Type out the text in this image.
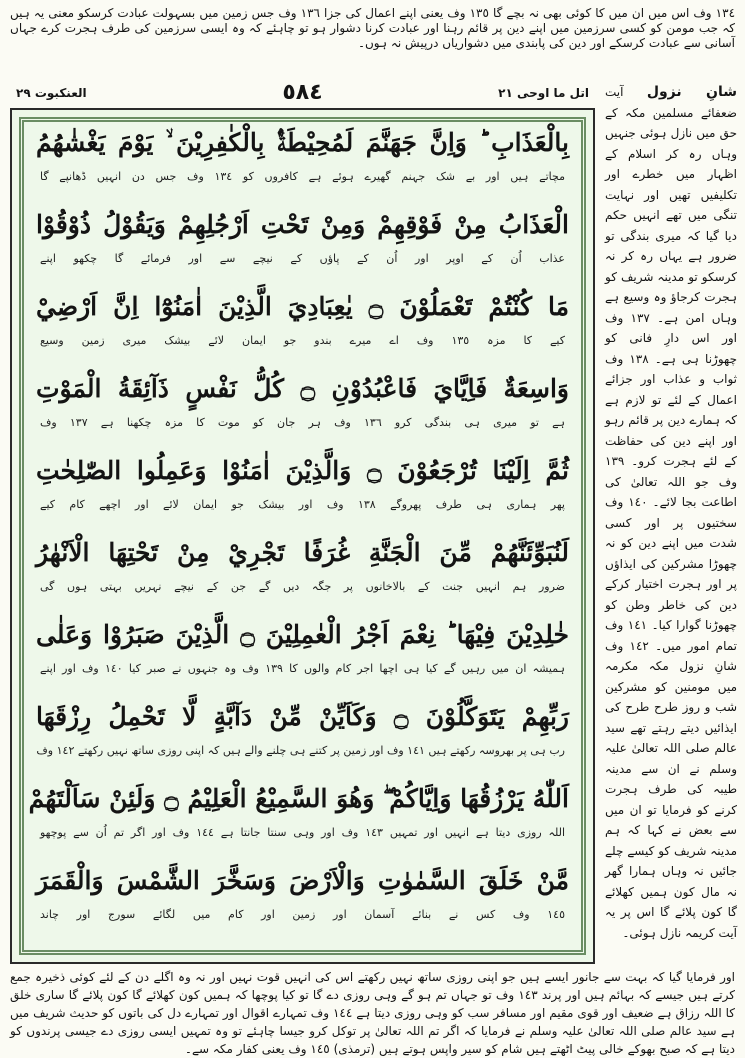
١٣٤ وف اس میں ان میں کا کوئی بھی نہ بچے گا ١٣٥ وف یعنی اپنے اعمال کی جزا ١٣٦ وف جس زمین میں بسہولت عبادت کرسکو معنی یہ ہیں کہ جب مومن کو کسی سرزمین میں اپنے دین پر قائم رہنا اور عبادت کرنا دشوار ہو تو چاہئے کہ وہ ایسی سرزمین کی طرف ہجرت کرے جہاں آسانی سے عبادت کرسکے اور دین کی پابندی میں دشواریاں درپیش نہ ہوں۔
اتل ما اوحی ٢١
٥٨٤
العنکبوت ٢٩
بِالْعَذَابِ ؕ وَاِنَّ جَهَنَّمَ لَمُحِيْطَةٌۢ بِالْكٰفِرِيْنَ ۙ يَوْمَ يَغْشٰهُمُ
مچاتے ہیں اور بے شک جہنم گھیرے ہوئے ہے کافروں کو ١٣٤ وف جس دن انہیں ڈھانپے گا
الْعَذَابُ مِنْ فَوْقِهِمْ وَمِنْ تَحْتِ اَرْجُلِهِمْ وَيَقُوْلُ ذُوْقُوْا
عذاب اُن کے اوپر اور اُن کے پاؤں کے نیچے سے اور فرمائے گا چکھو اپنے
مَا كُنْتُمْ تَعْمَلُوْنَ ۝ يٰعِبَادِيَ الَّذِيْنَ اٰمَنُوْٓا اِنَّ اَرْضِيْ
کیے کا مزہ ١٣٥ وف اے میرے بندو جو ایمان لائے بیشک میری زمین وسیع
وَاسِعَةٌ فَاِيَّايَ فَاعْبُدُوْنِ ۝ كُلُّ نَفْسٍ ذَآئِقَةُ الْمَوْتِ
ہے تو میری ہی بندگی کرو ١٣٦ وف ہر جان کو موت کا مزہ چکھنا ہے ١٣٧ وف
ثُمَّ اِلَيْنَا تُرْجَعُوْنَ ۝ وَالَّذِيْنَ اٰمَنُوْا وَعَمِلُوا الصّٰلِحٰتِ
پھر ہماری ہی طرف پھروگے ١٣٨ وف اور بیشک جو ایمان لائے اور اچھے کام کیے
لَنُبَوِّئَنَّهُمْ مِّنَ الْجَنَّةِ غُرَفًا تَجْرِيْ مِنْ تَحْتِهَا الْاَنْهٰرُ
ضرور ہم انہیں جنت کے بالاخانوں پر جگہ دیں گے جن کے نیچے نہریں بہتی ہوں گی
خٰلِدِيْنَ فِيْهَا ؕ نِعْمَ اَجْرُ الْعٰمِلِيْنَ ۝ الَّذِيْنَ صَبَرُوْا وَعَلٰى
ہمیشہ ان میں رہیں گے کیا ہی اچھا اجر کام والوں کا ١٣٩ وف وہ جنہوں نے صبر کیا ١٤٠ وف اور اپنے
رَبِّهِمْ يَتَوَكَّلُوْنَ ۝ وَكَاَيِّنْ مِّنْ دَآبَّةٍ لَّا تَحْمِلُ رِزْقَهَا
رب ہی پر بھروسہ رکھتے ہیں ١٤١ وف اور زمین پر کتنے ہی چلنے والے ہیں کہ اپنی روزی ساتھ نہیں رکھتے ١٤٢ وف
اَللّٰهُ يَرْزُقُهَا وَاِيَّاكُمْ ۖ وَهُوَ السَّمِيْعُ الْعَلِيْمُ ۝ وَلَئِنْ سَاَلْتَهُمْ
اللہ روزی دیتا ہے انہیں اور تمہیں ١٤٣ وف اور وہی سنتا جانتا ہے ١٤٤ وف اور اگر تم اُن سے پوچھو
مَّنْ خَلَقَ السَّمٰوٰتِ وَالْاَرْضَ وَسَخَّرَ الشَّمْسَ وَالْقَمَرَ
١٤٥ وف کس نے بنائے آسمان اور زمین اور کام میں لگائے سورج اور چاند
شانِ نزول آیت ضعفائے مسلمین مکہ کے حق میں نازل ہوئی جنہیں وہاں رہ کر اسلام کے اظہار میں خطرے اور تکلیفیں تھیں اور نہایت تنگی میں تھے انہیں حکم دیا گیا کہ میری بندگی تو ضرور ہے یہاں رہ کر نہ کرسکو تو مدینہ شریف کو ہجرت کرجاؤ وہ وسیع ہے وہاں امن ہے۔ ١٣٧ وف اور اس دارِ فانی کو چھوڑنا ہی ہے۔ ١٣٨ وف ثواب و عذاب اور جزائے اعمال کے لئے تو لازم ہے کہ ہمارے دین پر قائم رہو اور اپنے دین کی حفاظت کے لئے ہجرت کرو۔ ١٣٩ وف جو اللہ تعالیٰ کی اطاعت بجا لائے۔ ١٤٠ وف سختیوں پر اور کسی شدت میں اپنے دین کو نہ چھوڑا مشرکین کی ایذاؤں پر اور ہجرت اختیار کرکے دین کی خاطر وطن کو چھوڑنا گوارا کیا۔ ١٤١ وف تمام امور میں۔ ١٤٢ وف شانِ نزول مکہ مکرمہ میں مومنین کو مشرکین شب و روز طرح طرح کی ایذائیں دیتے رہتے تھے سید عالم صلی اللہ تعالیٰ علیہ وسلم نے ان سے مدینہ طیبہ کی طرف ہجرت کرنے کو فرمایا تو ان میں سے بعض نے کہا کہ ہم مدینہ شریف کو کیسے چلے جائیں نہ وہاں ہمارا گھر نہ مال کون ہمیں کھلائے گا کون پلائے گا اس پر یہ آیت کریمہ نازل ہوئی۔
اور فرمایا گیا کہ بہت سے جانور ایسے ہیں جو اپنی روزی ساتھ نہیں رکھتے اس کی انہیں قوت نہیں اور نہ وہ اگلے دن کے لئے کوئی ذخیرہ جمع کرتے ہیں جیسے کہ بہائم ہیں اور پرند ١٤٣ وف تو جہاں تم ہو گے وہی روزی دے گا تو کیا پوچھا کہ ہمیں کون کھلائے گا کون پلائے گا ساری خلق کا اللہ رزاق ہے ضعیف اور قوی مقیم اور مسافر سب کو وہی روزی دیتا ہے ١٤٤ وف تمہارے اقوال اور تمہارے دل کی باتوں کو حدیث شریف میں ہے سید عالم صلی اللہ تعالیٰ علیہ وسلم نے فرمایا کہ اگر تم اللہ تعالیٰ پر توکل کرو جیسا چاہئے تو وہ تمہیں ایسی روزی دے جیسی پرندوں کو دیتا ہے کہ صبح بھوکے خالی پیٹ اٹھتے ہیں شام کو سیر واپس ہوتے ہیں (ترمذی) ١٤٥ وف یعنی کفار مکہ سے۔
